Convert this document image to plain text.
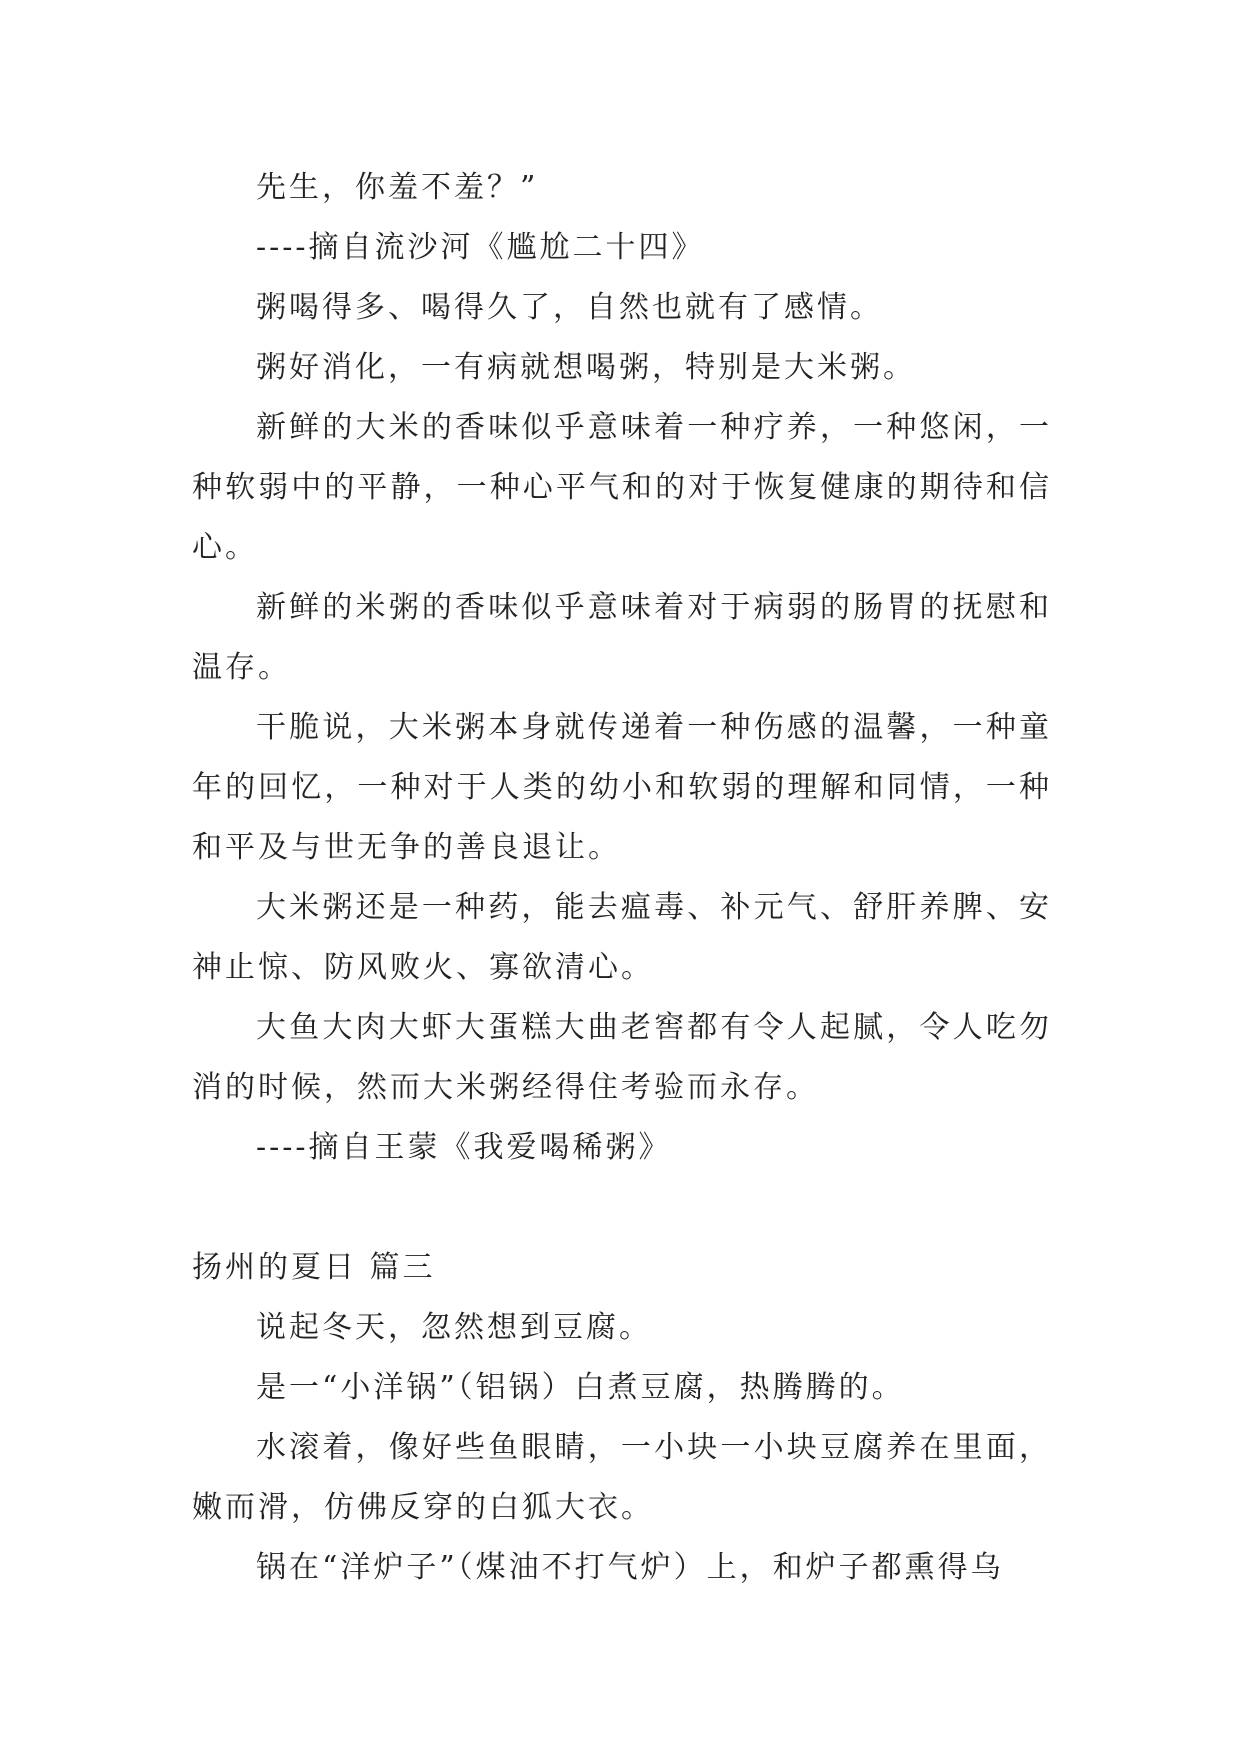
先生，你羞不羞？”

----摘自流沙河《尴尬二十四》

粥喝得多、喝得久了，自然也就有了感情。

粥好消化，一有病就想喝粥，特别是大米粥。

新鲜的大米的香味似乎意味着一种疗养，一种悠闲，一种软弱中的平静，一种心平气和的对于恢复健康的期待和信心。

新鲜的米粥的香味似乎意味着对于病弱的肠胃的抚慰和温存。

干脆说，大米粥本身就传递着一种伤感的温馨，一种童年的回忆，一种对于人类的幼小和软弱的理解和同情，一种和平及与世无争的善良退让。

大米粥还是一种药，能去瘟毒、补元气、舒肝养脾、安神止惊、防风败火、寡欲清心。

大鱼大肉大虾大蛋糕大曲老窖都有令人起腻，令人吃勿消的时候，然而大米粥经得住考验而永存。

----摘自王蒙《我爱喝稀粥》

扬州的夏日 篇三

说起冬天，忽然想到豆腐。

是一“小洋锅”（铝锅）白煮豆腐，热腾腾的。

水滚着，像好些鱼眼睛，一小块一小块豆腐养在里面，嫩而滑，仿佛反穿的白狐大衣。

锅在“洋炉子”（煤油不打气炉）上，和炉子都熏得乌
